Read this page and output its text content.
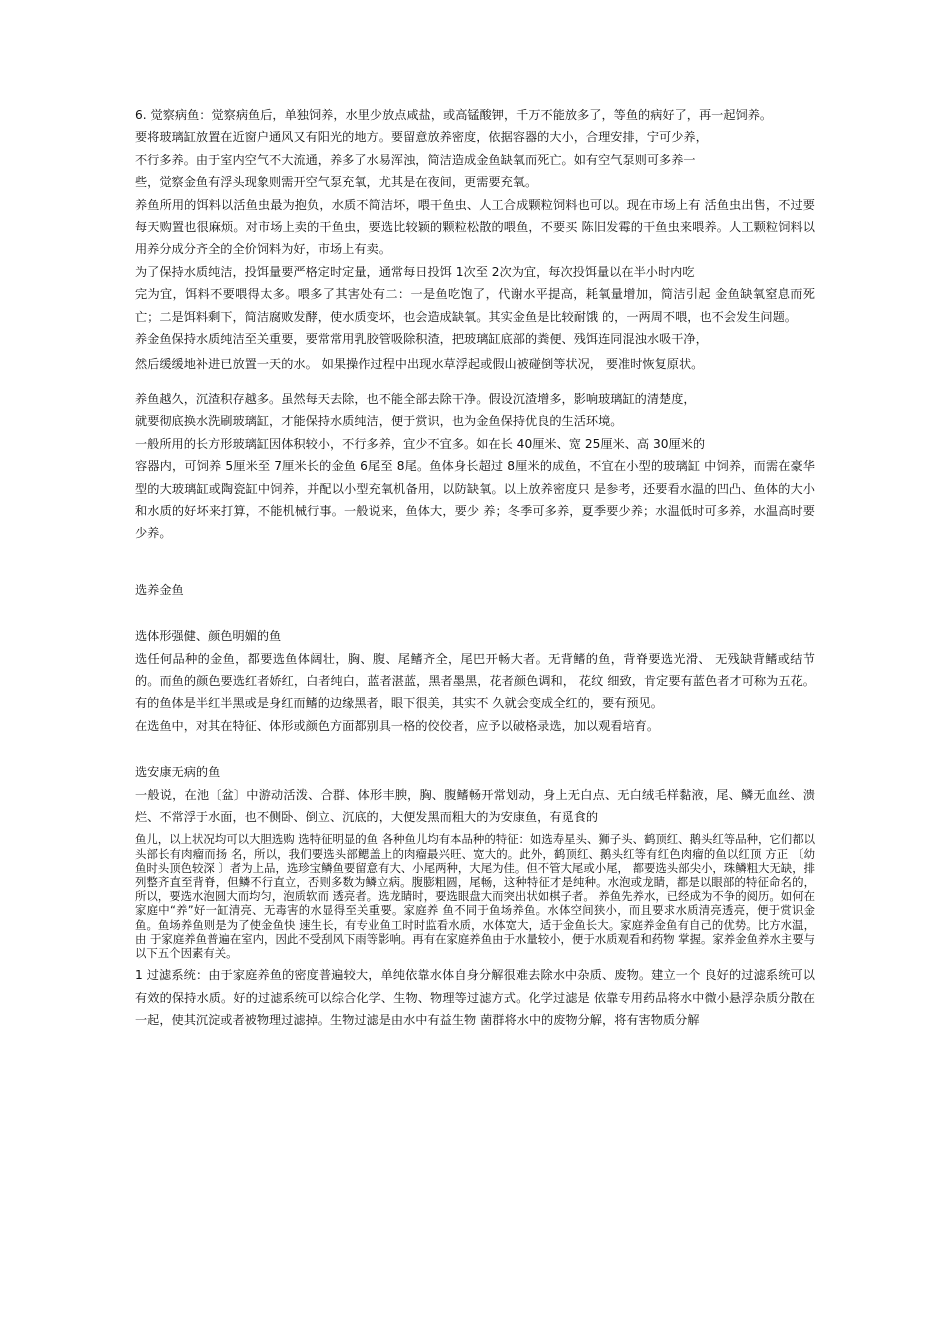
6. 觉察病鱼：觉察病鱼后，单独饲养，水里少放点咸盐，或高锰酸钾，千万不能放多了，等鱼的病好了，再一起饲养。
要将玻璃缸放置在近窗户通风又有阳光的地方。要留意放养密度，依据容器的大小，合理安排，宁可少养，
不行多养。由于室内空气不大流通，养多了水易浑浊，简洁造成金鱼缺氧而死亡。如有空气泵则可多养一
些，觉察金鱼有浮头现象则需开空气泵充氧，尤其是在夜间，更需要充氧。
养鱼所用的饵料以活鱼虫最为抱负，水质不简洁坏，喂干鱼虫、人工合成颗粒饲料也可以。现在市场上有 活鱼虫出售，不过要每天购置也很麻烦。对市场上卖的干鱼虫，要选比较颖的颗粒松散的喂鱼，不要买 陈旧发霉的干鱼虫来喂养。人工颗粒饲料以用养分成分齐全的全价饲料为好，市场上有卖。
为了保持水质纯洁，投饵量要严格定时定量，通常每日投饵 1次至 2次为宜，每次投饵量以在半小时内吃
完为宜，饵料不要喂得太多。喂多了其害处有二：一是鱼吃饱了，代谢水平提高，耗氧量增加，简洁引起 金鱼缺氧窒息而死亡；二是饵料剩下，简洁腐败发酵，使水质变坏，也会造成缺氧。其实金鱼是比较耐饿 的，一两周不喂，也不会发生问题。
养金鱼保持水质纯洁至关重要，要常常用乳胶管吸除积渣，把玻璃缸底部的粪便、残饵连同混浊水吸干净，
然后缓缓地补进已放置一天的水。 如果操作过程中出现水草浮起或假山被碰倒等状况， 要准时恢复原状。
养鱼越久，沉渣积存越多。虽然每天去除，也不能全部去除干净。假设沉渣增多，影响玻璃缸的清楚度，
就要彻底换水洗刷玻璃缸，才能保持水质纯洁，便于赏识，也为金鱼保持优良的生活环境。
一般所用的长方形玻璃缸因体积较小，不行多养，宜少不宜多。如在长 40厘米、宽 25厘米、高 30厘米的
容器内，可饲养 5厘米至 7厘米长的金鱼 6尾至 8尾。鱼体身长超过 8厘米的成鱼，不宜在小型的玻璃缸 中饲养，而需在豪华型的大玻璃缸或陶瓷缸中饲养，并配以小型充氧机备用，以防缺氧。以上放养密度只 是参考，还要看水温的凹凸、鱼体的大小和水质的好坏来打算，不能机械行事。一般说来，鱼体大，要少 养；冬季可多养，夏季要少养；水温低时可多养，水温高时要少养。
选养金鱼
选体形强健、颜色明媚的鱼
选任何品种的金鱼，都要选鱼体阔壮，胸、腹、尾鳍齐全，尾巴开畅大者。无背鳍的鱼，背脊要选光滑、 无残缺背鳍或结节的。而鱼的颜色要选红者娇红，白者纯白，蓝者湛蓝，黑者墨黑，花者颜色调和， 花纹 细致，肯定要有蓝色者才可称为五花。有的鱼体是半红半黑或是身红而鳍的边缘黑者，眼下很美，其实不 久就会变成全红的，要有预见。
在选鱼中，对其在特征、体形或颜色方面都别具一格的佼佼者，应予以破格录选，加以观看培育。
选安康无病的鱼
一般说，在池〔盆〕中游动活泼、合群、体形丰腴，胸、腹鳍畅开常划动，身上无白点、无白绒毛样黏液，尾、鳞无血丝、溃烂、不常浮于水面，也不侧卧、倒立、沉底的，大便发黑而粗大的为安康鱼，有觅食的
鱼儿，以上状况均可以大胆选购 选特征明显的鱼 各种鱼儿均有本品种的特征：如选寿星头、狮子头、鹤顶红、鹅头红等品种，它们都以头部长有肉瘤而扬 名，所以，我们要选头部鳃盖上的肉瘤最兴旺、宽大的。此外，鹤顶红、鹅头红等有红色肉瘤的鱼以红顶 方正 〔幼鱼时头顶色较深 〕者为上品，选珍宝鳞鱼要留意有大、小尾两种，大尾为佳。但不管大尾或小尾， 都要选头部尖小，珠鳞粗大无缺，排列整齐直至背脊，但鳞不行直立，否则多数为鳞立病。腹膨粗圆，尾畅，这种特征才是纯种。水泡或龙睛，都是以眼部的特征命名的，所以，要选水泡圆大而均匀，泡质软而 透亮者。选龙睛时，要选眼盘大而突出状如棋子者。 养鱼先养水，已经成为不争的阅历。如何在家庭中“养”好一缸清亮、无毒害的水显得至关重要。家庭养 鱼不同于鱼场养鱼。水体空间狭小，而且要求水质清亮透亮，便于赏识金鱼。鱼场养鱼则是为了使金鱼快 速生长，有专业鱼工时时监看水质，水体宽大，适于金鱼长大。家庭养金鱼有自己的优势。比方水温，由 于家庭养鱼普遍在室内，因此不受刮风下雨等影响。再有在家庭养鱼由于水量较小，便于水质观看和药物 掌握。家养金鱼养水主要与以下五个因素有关。
1 过滤系统：由于家庭养鱼的密度普遍较大，单纯依靠水体自身分解很难去除水中杂质、废物。建立一个 良好的过滤系统可以有效的保持水质。好的过滤系统可以综合化学、生物、物理等过滤方式。化学过滤是 依靠专用药品将水中微小悬浮杂质分散在一起，使其沉淀或者被物理过滤掉。生物过滤是由水中有益生物 菌群将水中的废物分解，将有害物质分解
